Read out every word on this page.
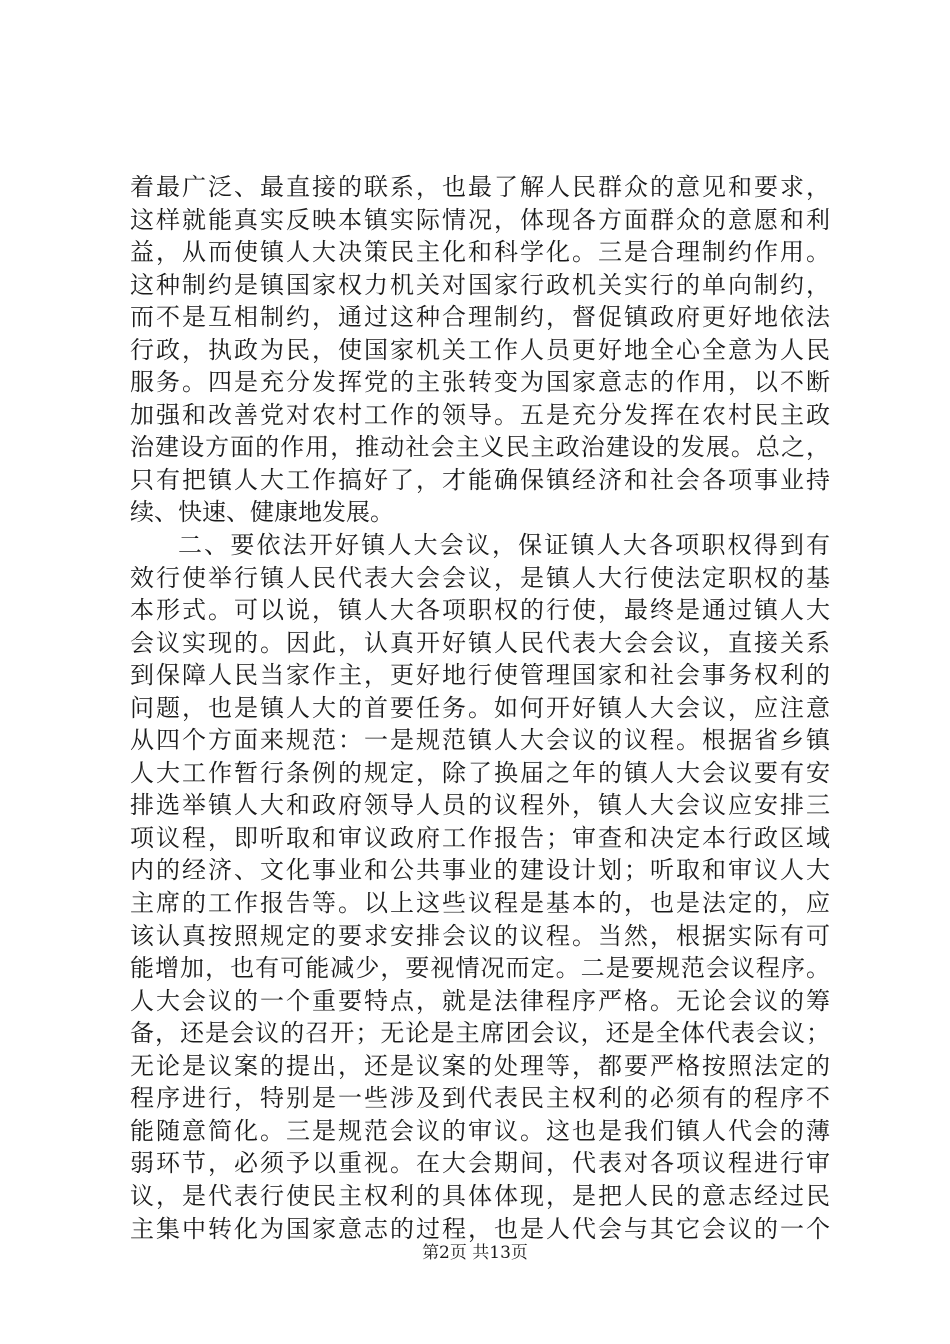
着最广泛、最直接的联系，也最了解人民群众的意见和要求，
这样就能真实反映本镇实际情况，体现各方面群众的意愿和利
益，从而使镇人大决策民主化和科学化。三是合理制约作用。
这种制约是镇国家权力机关对国家行政机关实行的单向制约，
而不是互相制约，通过这种合理制约，督促镇政府更好地依法
行政，执政为民，使国家机关工作人员更好地全心全意为人民
服务。四是充分发挥党的主张转变为国家意志的作用，以不断
加强和改善党对农村工作的领导。五是充分发挥在农村民主政
治建设方面的作用，推动社会主义民主政治建设的发展。总之，
只有把镇人大工作搞好了，才能确保镇经济和社会各项事业持
续、快速、健康地发展。
二、要依法开好镇人大会议，保证镇人大各项职权得到有
效行使举行镇人民代表大会会议，是镇人大行使法定职权的基
本形式。可以说，镇人大各项职权的行使，最终是通过镇人大
会议实现的。因此，认真开好镇人民代表大会会议，直接关系
到保障人民当家作主，更好地行使管理国家和社会事务权利的
问题，也是镇人大的首要任务。如何开好镇人大会议，应注意
从四个方面来规范：一是规范镇人大会议的议程。根据省乡镇
人大工作暂行条例的规定，除了换届之年的镇人大会议要有安
排选举镇人大和政府领导人员的议程外，镇人大会议应安排三
项议程，即听取和审议政府工作报告；审查和决定本行政区域
内的经济、文化事业和公共事业的建设计划；听取和审议人大
主席的工作报告等。以上这些议程是基本的，也是法定的，应
该认真按照规定的要求安排会议的议程。当然，根据实际有可
能增加，也有可能减少，要视情况而定。二是要规范会议程序。
人大会议的一个重要特点，就是法律程序严格。无论会议的筹
备，还是会议的召开；无论是主席团会议，还是全体代表会议；
无论是议案的提出，还是议案的处理等，都要严格按照法定的
程序进行，特别是一些涉及到代表民主权利的必须有的程序不
能随意简化。三是规范会议的审议。这也是我们镇人代会的薄
弱环节，必须予以重视。在大会期间，代表对各项议程进行审
议，是代表行使民主权利的具体体现，是把人民的意志经过民
主集中转化为国家意志的过程，也是人代会与其它会议的一个
第2页 共13页
